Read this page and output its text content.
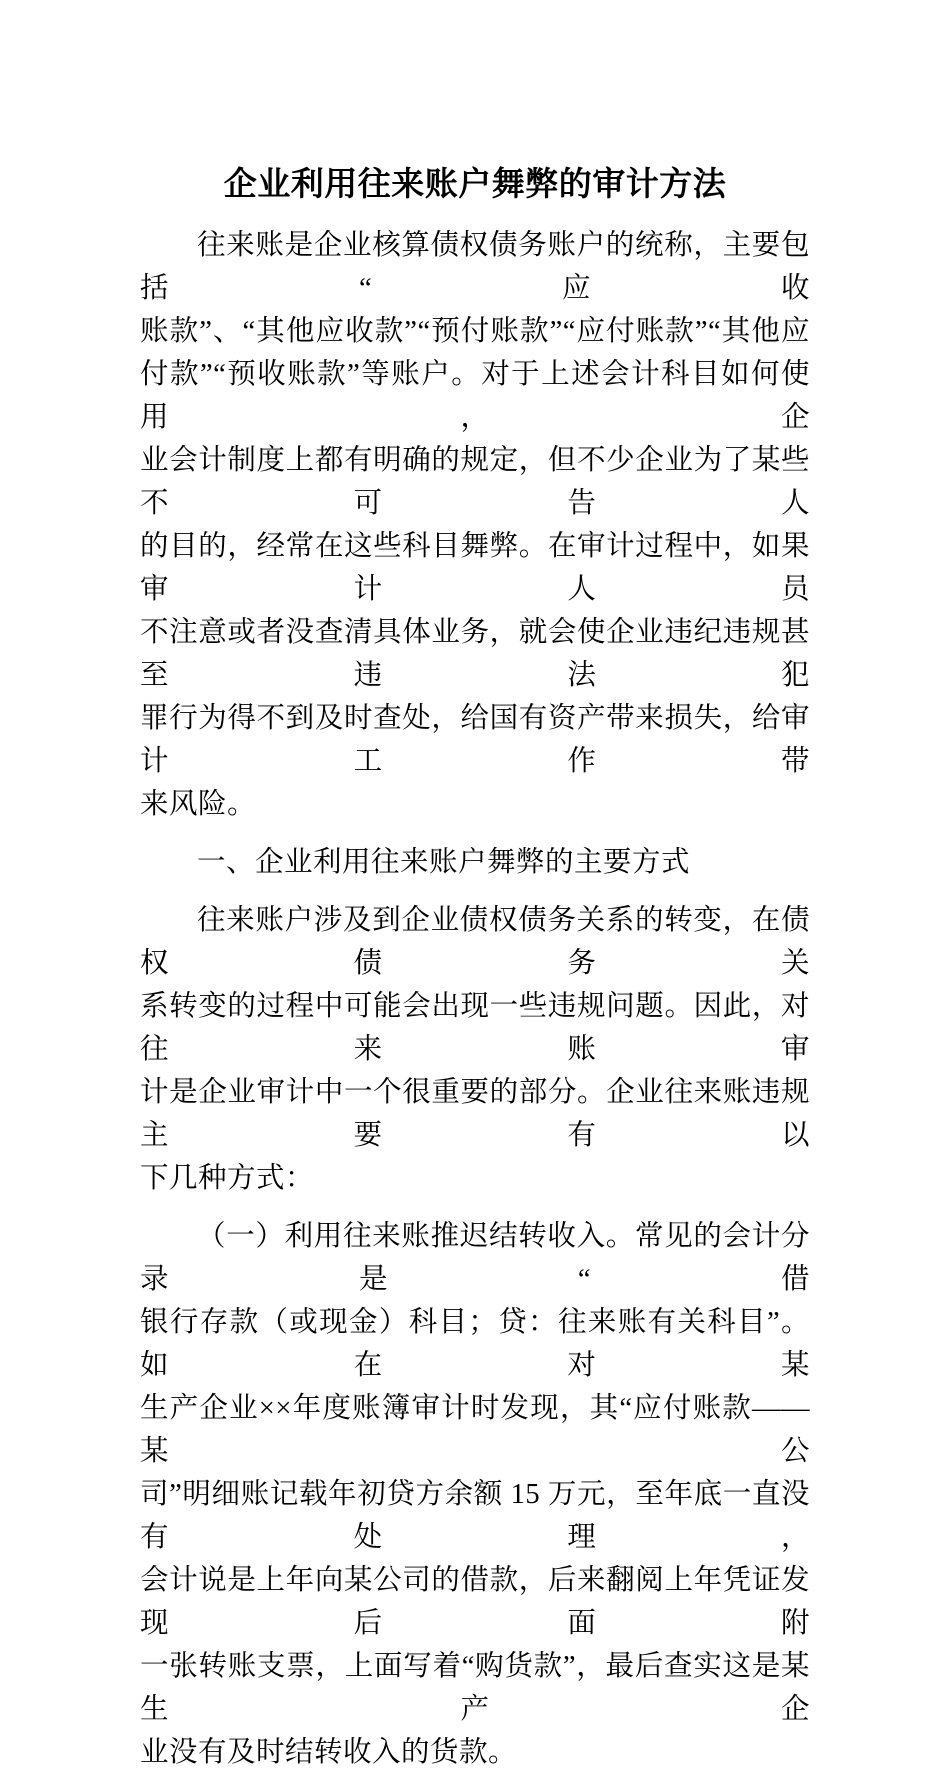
企业利用往来账户舞弊的审计方法
往来账是企业核算债权债务账户的统称，主要包括“应收
账款”、“其他应收款”“预付账款”“应付账款”“其他应
付款”“预收账款”等账户。对于上述会计科目如何使用，企
业会计制度上都有明确的规定，但不少企业为了某些不可告人
的目的，经常在这些科目舞弊。在审计过程中，如果审计人员
不注意或者没查清具体业务，就会使企业违纪违规甚至违法犯
罪行为得不到及时查处，给国有资产带来损失，给审计工作带
来风险。
一、企业利用往来账户舞弊的主要方式
往来账户涉及到企业债权债务关系的转变，在债权债务关
系转变的过程中可能会出现一些违规问题。因此，对往来账审
计是企业审计中一个很重要的部分。企业往来账违规主要有以
下几种方式：
（一）利用往来账推迟结转收入。常见的会计分录是“借
银行存款（或现金）科目；贷：往来账有关科目”。如在对某
生产企业××年度账簿审计时发现，其“应付账款——某公
司”明细账记载年初贷方余额 15 万元，至年底一直没有处理，
会计说是上年向某公司的借款，后来翻阅上年凭证发现后面附
一张转账支票，上面写着“购货款”，最后查实这是某生产企
业没有及时结转收入的货款。
